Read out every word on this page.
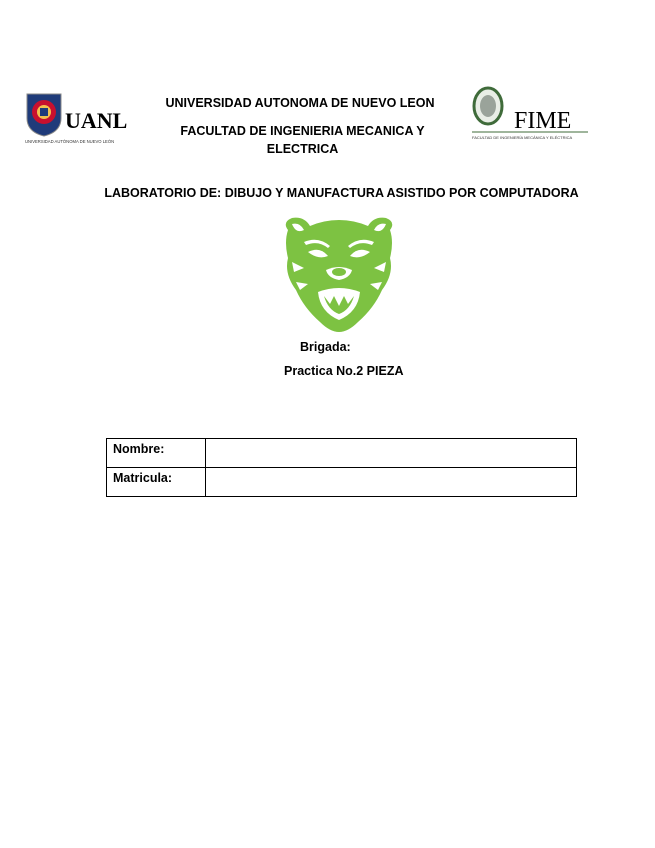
UANL
UNIVERSIDAD AUTÓNOMA DE NUEVO LEÓN
FIME
FACULTAD DE INGENIERÍA MECÁNICA Y ELÉCTRICA
UNIVERSIDAD AUTONOMA DE NUEVO LEON
FACULTAD DE INGENIERIA MECANICA Y
ELECTRICA
LABORATORIO DE: DIBUJO Y MANUFACTURA ASISTIDO POR COMPUTADORA
Brigada:
Practica No.2 PIEZA
Nombre:	
Matricula:	
